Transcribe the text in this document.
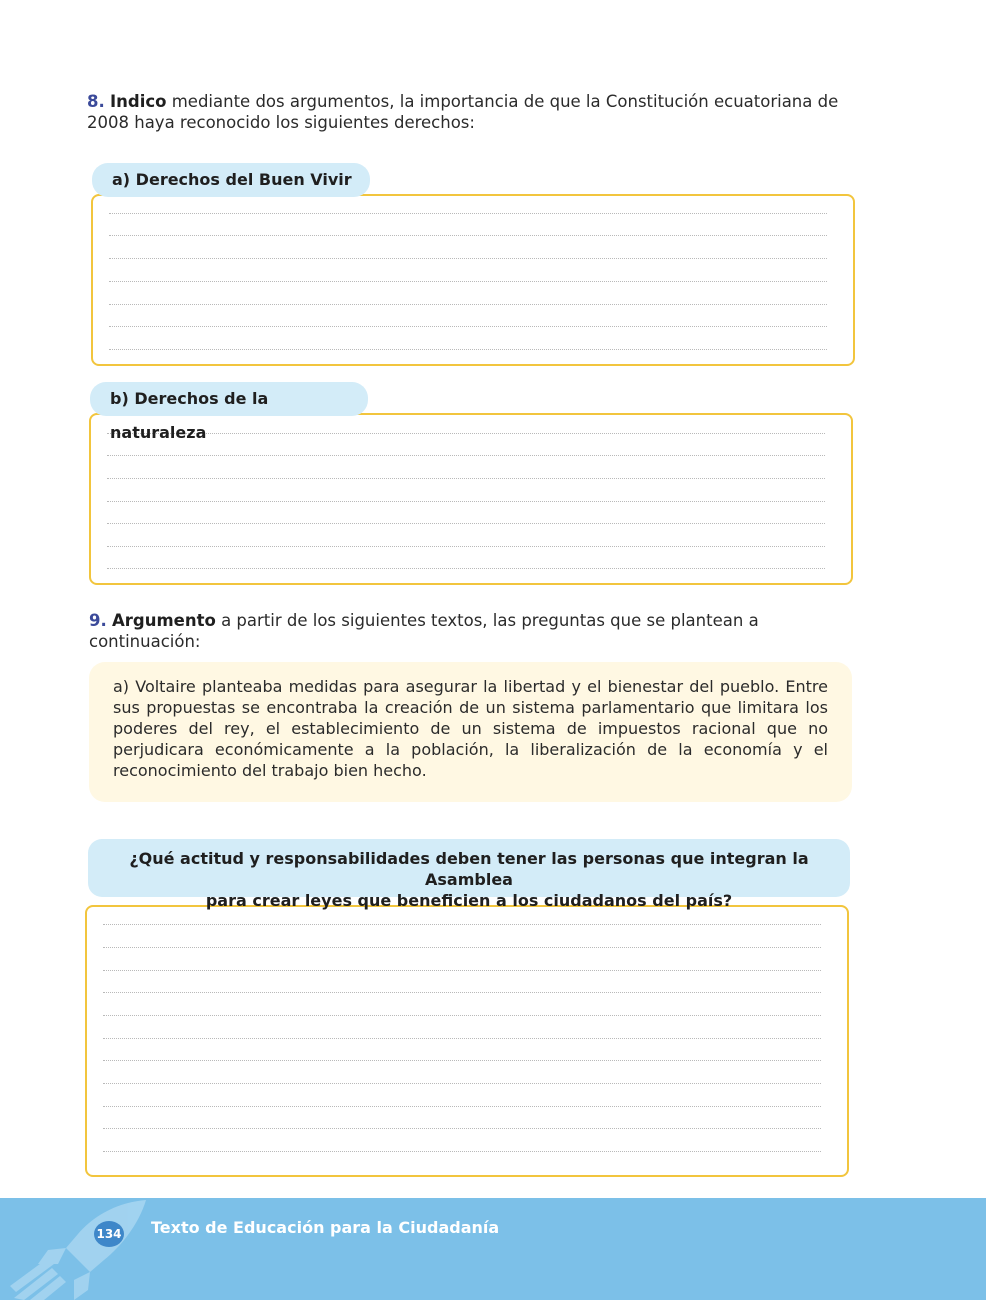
8. Indico mediante dos argumentos, la importancia de que la Constitución ecuatoriana de 2008 haya reconocido los siguientes derechos:
a) Derechos del Buen Vivir
b) Derechos de la naturaleza
9. Argumento a partir de los siguientes textos, las preguntas que se plantean a continuación:
a) Voltaire planteaba medidas para asegurar la libertad y el bienestar del pueblo. Entre sus propuestas se encontraba la creación de un sistema parlamentario que limitara los poderes del rey, el establecimiento de un sistema de impuestos racional que no perjudicara económicamente a la población, la liberalización de la economía y el reconocimiento del trabajo bien hecho.
¿Qué actitud y responsabilidades deben tener las personas que integran la Asamblea
para crear leyes que beneficien a los ciudadanos del país?
134 Texto de Educación para la Ciudadanía
